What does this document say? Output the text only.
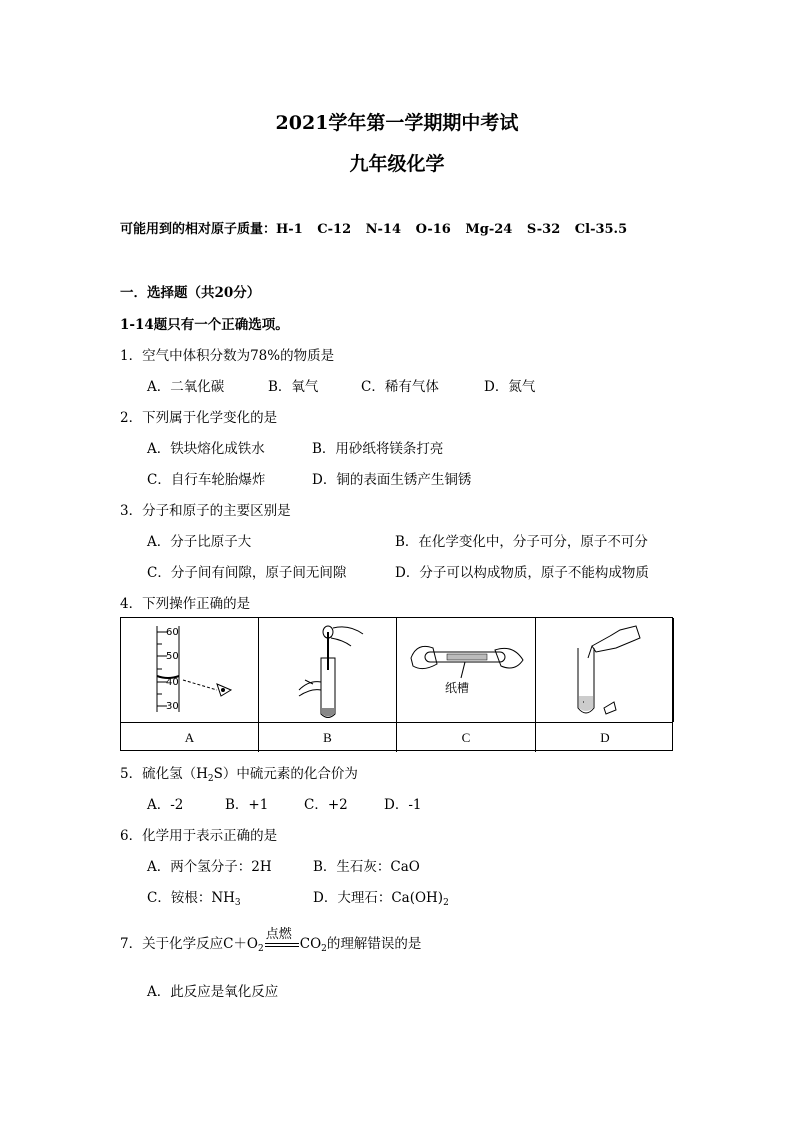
2021学年第一学期期中考试
九年级化学
可能用到的相对原子质量：H-1 C-12 N-14 O-16 Mg-24 S-32 Cl-35.5
一．选择题（共20分）
1-14题只有一个正确选项。
1．空气中体积分数为78%的物质是
A．二氧化碳	B．氧气	C．稀有气体	D．氮气
2．下列属于化学变化的是
A．铁块熔化成铁水	B．用砂纸将镁条打亮
C．自行车轮胎爆炸	D．铜的表面生锈产生铜锈
3．分子和原子的主要区别是
A．分子比原子大	B．在化学变化中，分子可分，原子不可分
C．分子间有间隙，原子间无间隙	D．分子可以构成物质，原子不能构成物质
4．下列操作正确的是
60
50
40
30
纸槽
A	B	C	D
5．硫化氢$(H_2S)$中硫元素的化合价为
A．-2	B．+1	C．+2	D．-1
6．化学用于表示正确的是
A．两个氢分子：2H	B．生石灰：CaO
C．铵根：$NH_3$	D．大理石：$Ca(OH)_2$
7．关于化学反应$C+O_2$
点燃
$CO_2$的理解错误的是
A．此反应是氧化反应
